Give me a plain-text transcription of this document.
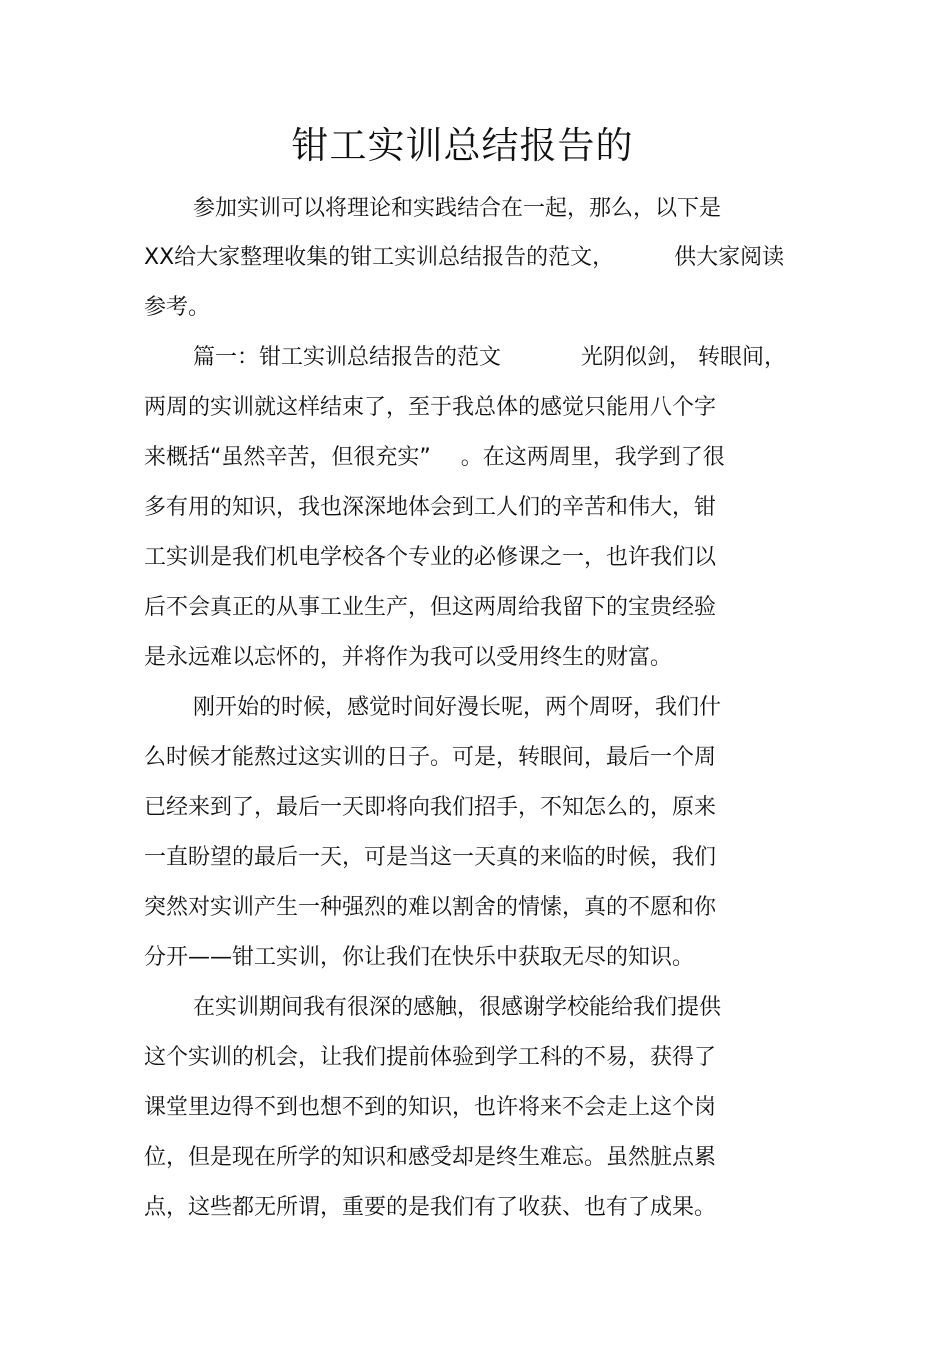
钳工实训总结报告的

参加实训可以将理论和实践结合在一起，那么，以下是

XX给大家整理收集的钳工实训总结报告的范文，	供大家阅读

参考。

篇一：钳工实训总结报告的范文	光阴似剑， 转眼间，

两周的实训就这样结束了，至于我总体的感觉只能用八个字

来概括“虽然辛苦，但很充实” 。在这两周里，我学到了很

多有用的知识，我也深深地体会到工人们的辛苦和伟大，钳

工实训是我们机电学校各个专业的必修课之一，也许我们以

后不会真正的从事工业生产，但这两周给我留下的宝贵经验

是永远难以忘怀的，并将作为我可以受用终生的财富。

刚开始的时候，感觉时间好漫长呢，两个周呀，我们什

么时候才能熬过这实训的日子。可是，转眼间，最后一个周

已经来到了，最后一天即将向我们招手，不知怎么的，原来

一直盼望的最后一天，可是当这一天真的来临的时候，我们

突然对实训产生一种强烈的难以割舍的情愫，真的不愿和你

分开——钳工实训，你让我们在快乐中获取无尽的知识。

在实训期间我有很深的感触，很感谢学校能给我们提供

这个实训的机会，让我们提前体验到学工科的不易，获得了

课堂里边得不到也想不到的知识，也许将来不会走上这个岗

位，但是现在所学的知识和感受却是终生难忘。虽然脏点累

点，这些都无所谓，重要的是我们有了收获、也有了成果。
